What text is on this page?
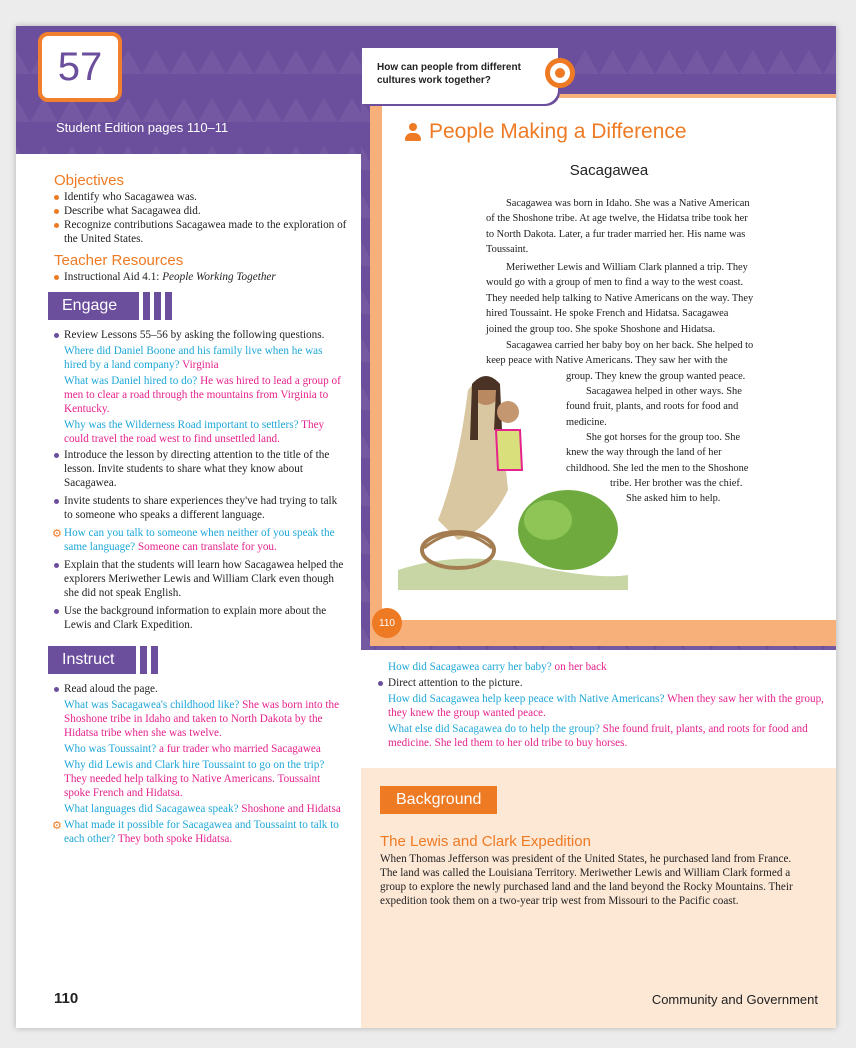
57
Student Edition pages 110–11
How can people from different cultures work together?
People Making a Difference
Sacagawea
Sacagawea was born in Idaho. She was a Native American of the Shoshone tribe. At age twelve, the Hidatsa tribe took her to North Dakota. Later, a fur trader married her. His name was Toussaint.
Meriwether Lewis and William Clark planned a trip. They would go with a group of men to find a way to the west coast. They needed help talking to Native Americans on the way. They hired Toussaint. He spoke French and Hidatsa. Sacagawea joined the group too. She spoke Shoshone and Hidatsa.
Sacagawea carried her baby boy on her back. She helped to keep peace with Native Americans. They saw her with the
group. They knew the group wanted peace.
Sacagawea helped in other ways. She found fruit, plants, and roots for food and medicine.
She got horses for the group too. She knew the way through the land of her childhood. She led the men to the Shoshone
tribe. Her brother was the chief.
She asked him to help.
110
Objectives

Identify who Sacagawea was.

Describe what Sacagawea did.

Recognize contributions Sacagawea made to the exploration of the United States.

Teacher Resources

Instructional Aid 4.1: People Working Together

Engage

Review Lessons 55–56 by asking the following questions.

Where did Daniel Boone and his family live when he was hired by a land company? Virginia

What was Daniel hired to do? He was hired to lead a group of men to clear a road through the mountains from Virginia to Kentucky.

Why was the Wilderness Road important to settlers? They could travel the road west to find unsettled land.

Introduce the lesson by directing attention to the title of the lesson. Invite students to share what they know about Sacagawea.

Invite students to share experiences they've had trying to talk to someone who speaks a different language.

⚙ How can you talk to someone when neither of you speak the same language? Someone can translate for you.

Explain that the students will learn how Sacagawea helped the explorers Meriwether Lewis and William Clark even though she did not speak English.

Use the background information to explain more about the Lewis and Clark Expedition.

Instruct

Read aloud the page.

What was Sacagawea's childhood like? She was born into the Shoshone tribe in Idaho and taken to North Dakota by the Hidatsa tribe when she was twelve.

Who was Toussaint? a fur trader who married Sacagawea

Why did Lewis and Clark hire Toussaint to go on the trip? They needed help talking to Native Americans. Toussaint spoke French and Hidatsa.

What languages did Sacagawea speak? Shoshone and Hidatsa

⚙ What made it possible for Sacagawea and Toussaint to talk to each other? They both spoke Hidatsa.

How did Sacagawea carry her baby? on her back

Direct attention to the picture.

How did Sacagawea help keep peace with Native Americans? When they saw her with the group, they knew the group wanted peace.

What else did Sacagawea do to help the group? She found fruit, plants, and roots for food and medicine. She led them to her old tribe to buy horses.

Background
The Lewis and Clark Expedition
When Thomas Jefferson was president of the United States, he purchased land from France. The land was called the Louisiana Territory. Meriwether Lewis and William Clark formed a group to explore the newly purchased land and the land beyond the Rocky Mountains. Their expedition took them on a two-year trip west from Missouri to the Pacific coast.
110	Community and Government
